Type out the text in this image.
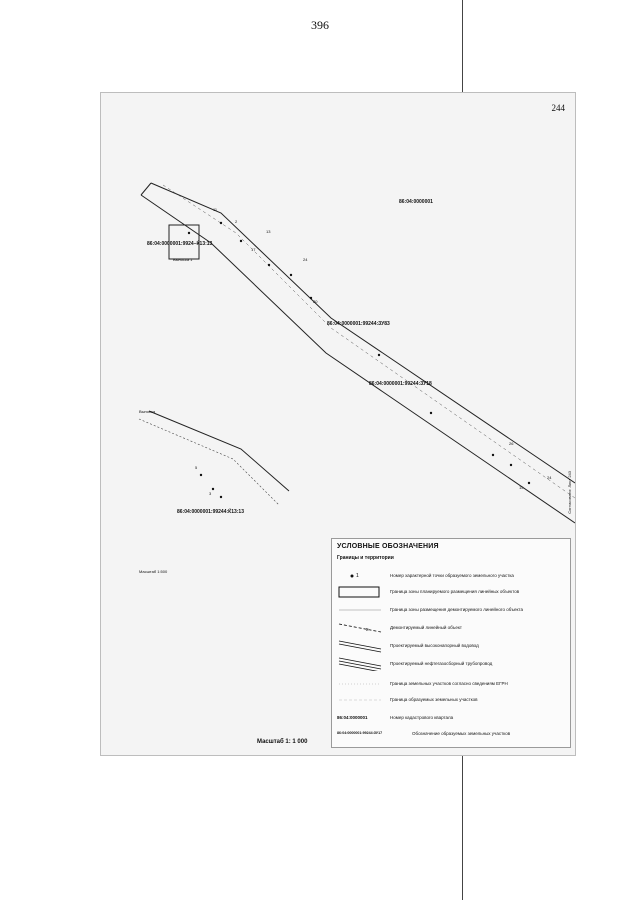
396
244
11
2
13
17
24
20
26
24
15
5
3
86:04:0000001
86:04:0000001:9924–Ќ13:13
86:04:0000001:99244:ЗУ83
86:04:0000001:99244:ЗУ18
86:04:0000001:99244:Ќ13:13
Выноска 1
Выноска
Согласовано: Лист 243
Масштаб 1:500
УСЛОВНЫЕ ОБОЗНАЧЕНИЯ
Границы и территории
1	Номер характерной точки образуемого земельного участка
Граница зоны планируемого размещения линейных объектов
Граница зоны размещения демонтируемого линейного объекта
x	Демонтируемый линейный объект
Проектируемый высоконапорный водовод
Проектируемый нефтегазосборный трубопровод
Граница земельных участков согласно сведениям ЕГРН
Граница образуемых земельных участков
86:04:0000001	Номер кадастрового квартала
86:04:0000001:99244:ЗУ17	Обозначение образуемых земельных участков
Масштаб 1: 1 000
